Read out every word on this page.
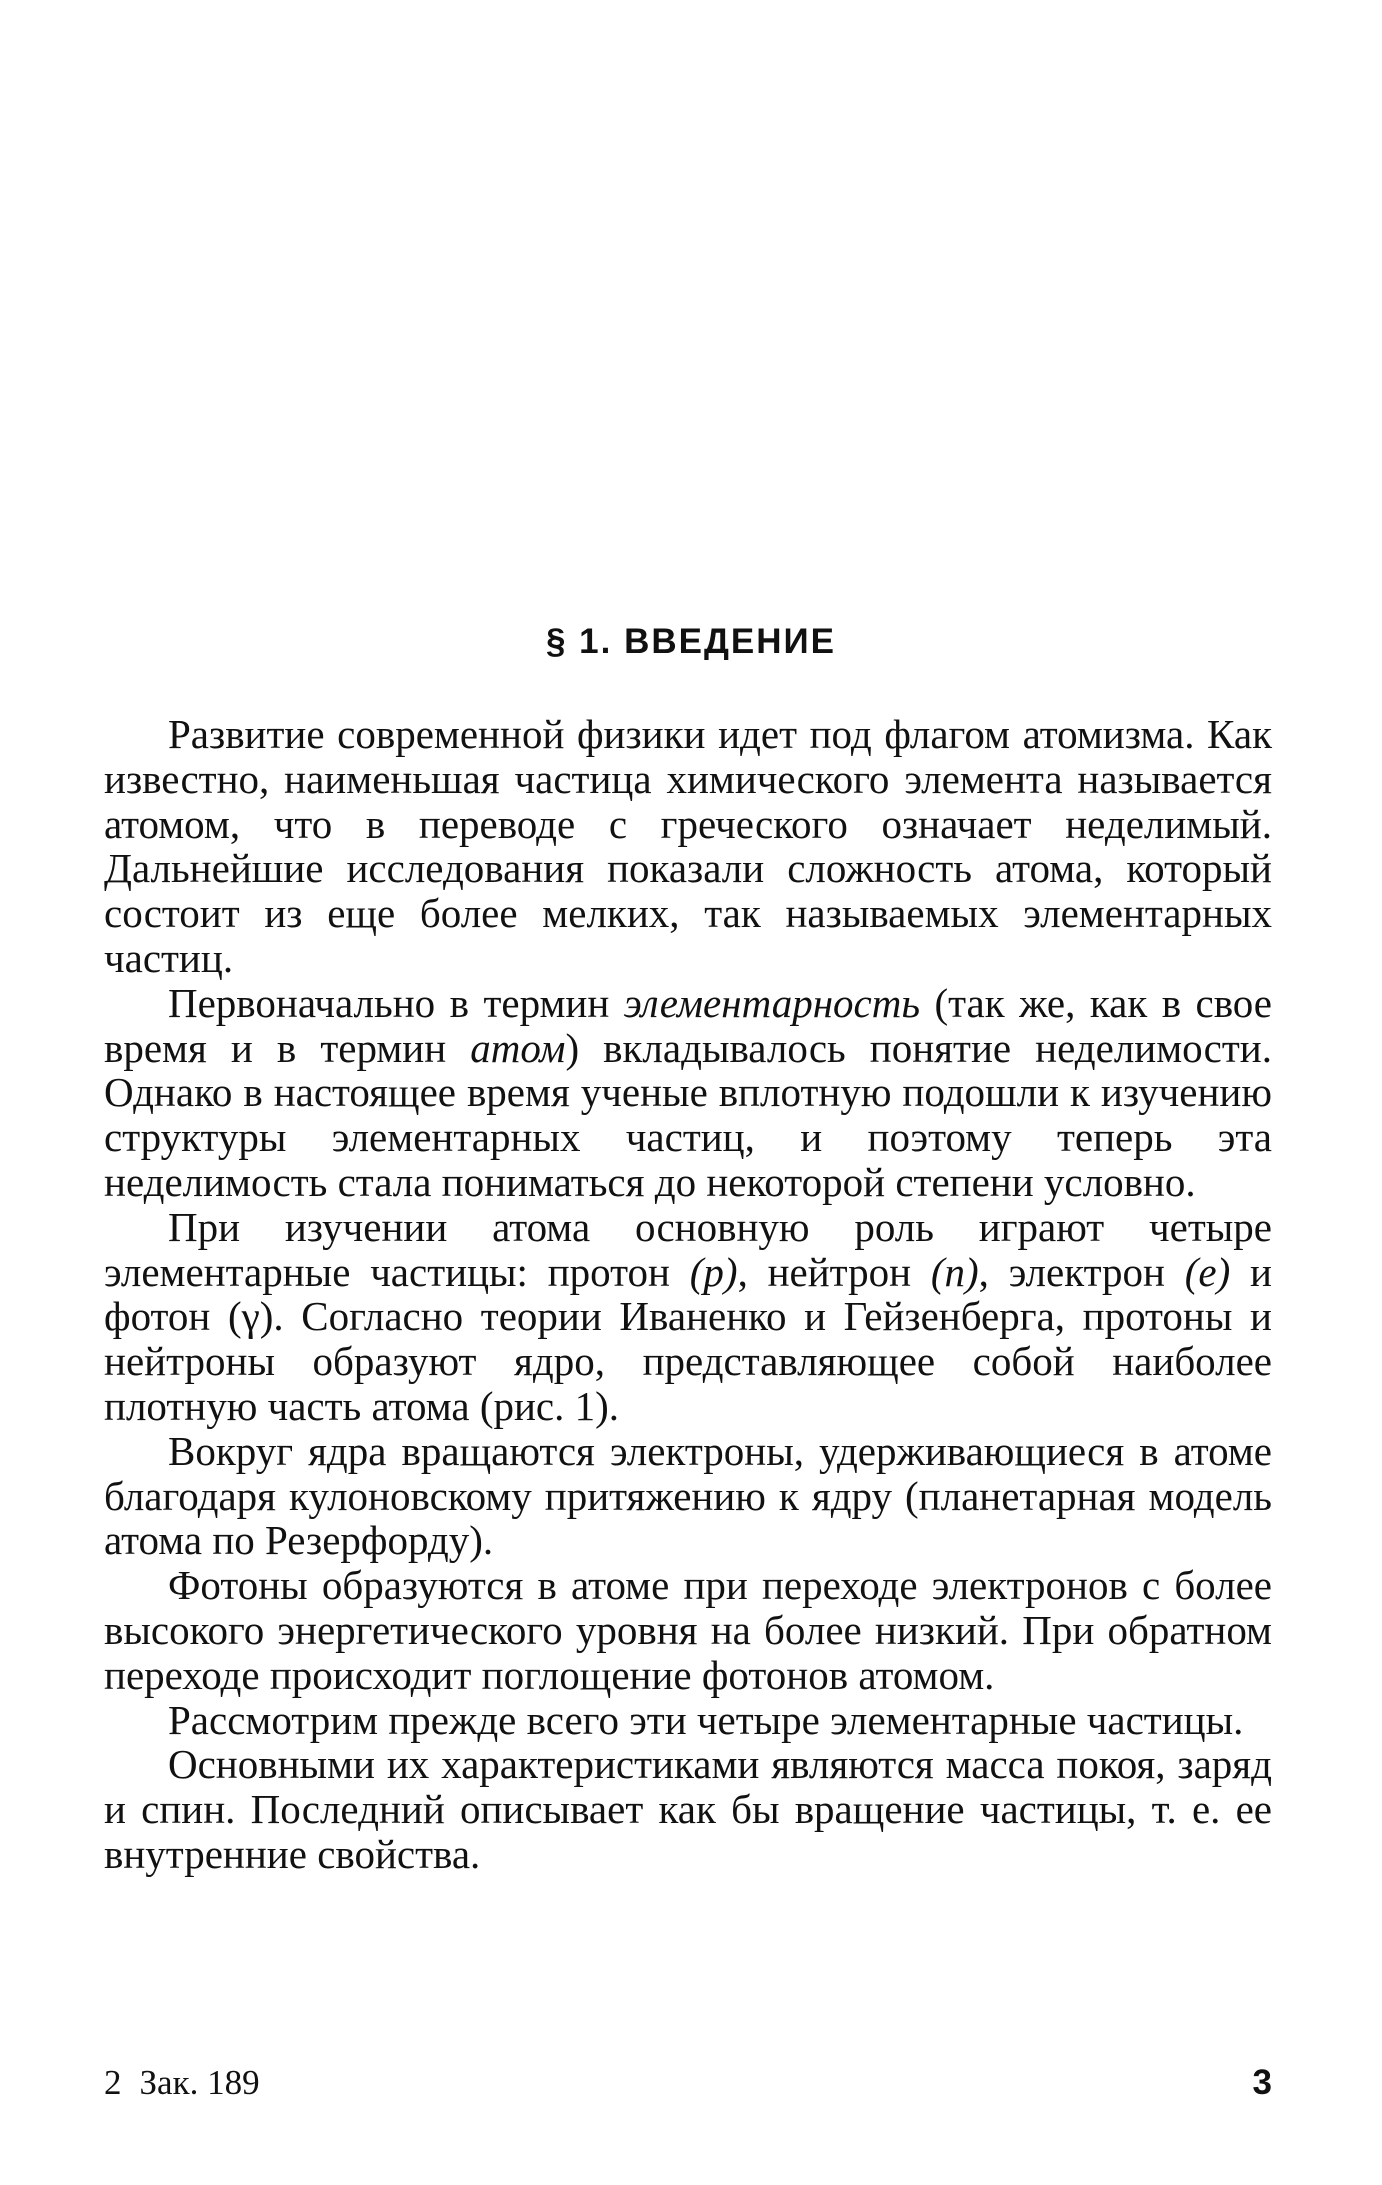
§ 1. ВВЕДЕНИЕ

Развитие современной физики идет под флагом атомизма. Как известно, наименьшая частица химического элемента называется атомом, что в переводе с греческого означает неделимый. Дальнейшие исследования показали сложность атома, который состоит из еще более мелких, так называемых элементарных частиц.

Первоначально в термин элементарность (так же, как в свое время и в термин атом) вкладывалось понятие неделимости. Однако в настоящее время ученые вплотную подошли к изучению структуры элементарных частиц, и поэтому теперь эта неделимость стала пониматься до некоторой степени условно.

При изучении атома основную роль играют четыре элементарные частицы: протон (p), нейтрон (n), электрон (e) и фотон (γ). Согласно теории Иваненко и Гейзенберга, протоны и нейтроны образуют ядро, представляющее собой наиболее плотную часть атома (рис. 1).

Вокруг ядра вращаются электроны, удерживающиеся в атоме благодаря кулоновскому притяжению к ядру (планетарная модель атома по Резерфорду).

Фотоны образуются в атоме при переходе электронов с более высокого энергетического уровня на более низкий. При обратном переходе происходит поглощение фотонов атомом.

Рассмотрим прежде всего эти четыре элементарные частицы.

Основными их характеристиками являются масса покоя, заряд и спин. Последний описывает как бы вращение частицы, т. е. ее внутренние свойства.

2 Зак. 189	3
